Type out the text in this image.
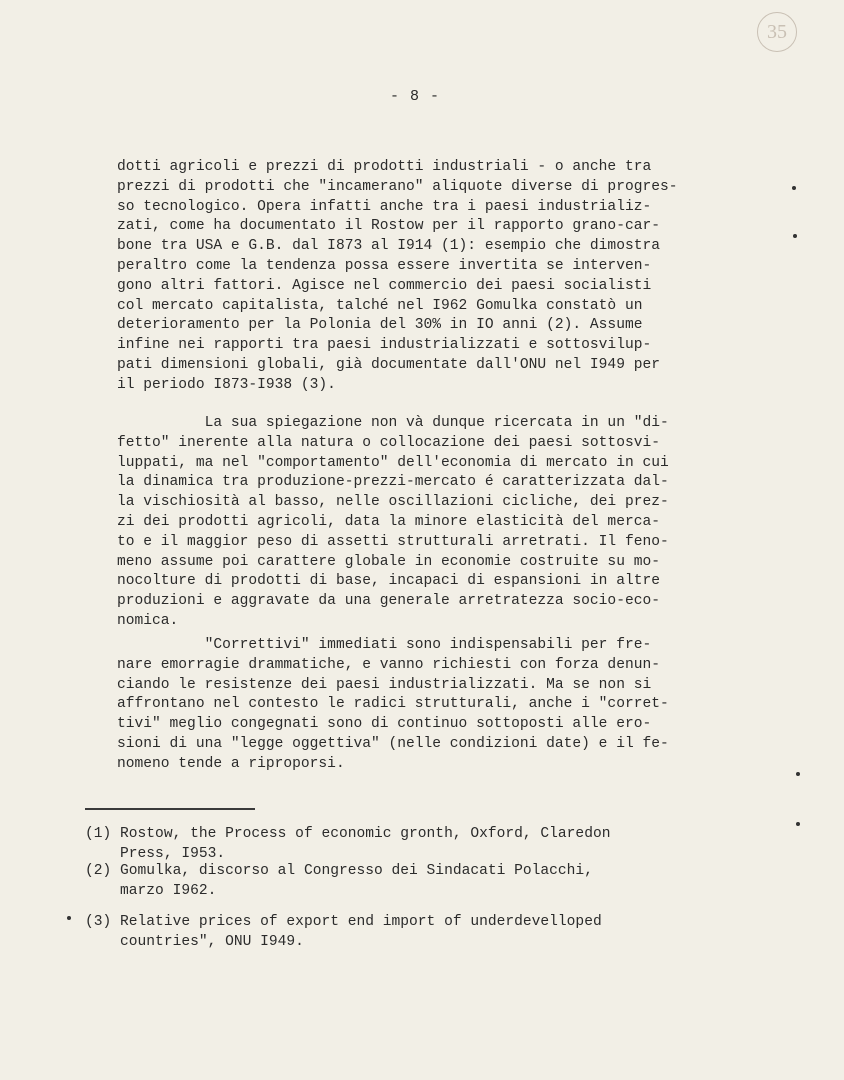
35
- 8 -

dotti agricoli e prezzi di prodotti industriali - o anche tra
prezzi di prodotti che "incamerano" aliquote diverse di progres-
so tecnologico. Opera infatti anche tra i paesi industrializ-
zati, come ha documentato il Rostow per il rapporto grano-car-
bone tra USA e G.B. dal I873 al I914 (1): esempio che dimostra
peraltro come la tendenza possa essere invertita se interven-
gono altri fattori. Agisce nel commercio dei paesi socialisti
col mercato capitalista, talché nel I962 Gomulka constatò un
deterioramento per la Polonia del 30% in IO anni (2). Assume
infine nei rapporti tra paesi industrializzati e sottosvilup-
pati dimensioni globali, già documentate dall'ONU nel I949 per
il periodo I873-I938 (3).

La sua spiegazione non và dunque ricercata in un "di-
fetto" inerente alla natura o collocazione dei paesi sottosvi-
luppati, ma nel "comportamento" dell'economia di mercato in cui
la dinamica tra produzione-prezzi-mercato é caratterizzata dal-
la vischiosità al basso, nelle oscillazioni cicliche, dei prez-
zi dei prodotti agricoli, data la minore elasticità del merca-
to e il maggior peso di assetti strutturali arretrati. Il feno-
meno assume poi carattere globale in economie costruite su mo-
nocolture di prodotti di base, incapaci di espansioni in altre
produzioni e aggravate da una generale arretratezza socio-eco-
nomica.

"Correttivi" immediati sono indispensabili per fre-
nare emorragie drammatiche, e vanno richiesti con forza denun-
ciando le resistenze dei paesi industrializzati. Ma se non si
affrontano nel contesto le radici strutturali, anche i "corret-
tivi" meglio congegnati sono di continuo sottoposti alle ero-
sioni di una "legge oggettiva" (nelle condizioni date) e il fe-
nomeno tende a riproporsi.

(1) Rostow, the Process of economic gronth, Oxford, Claredon
Press, I953.

(2) Gomulka, discorso al Congresso dei Sindacati Polacchi,
marzo I962.

(3) Relative prices of export end import of underdevelloped
countries", ONU I949.
